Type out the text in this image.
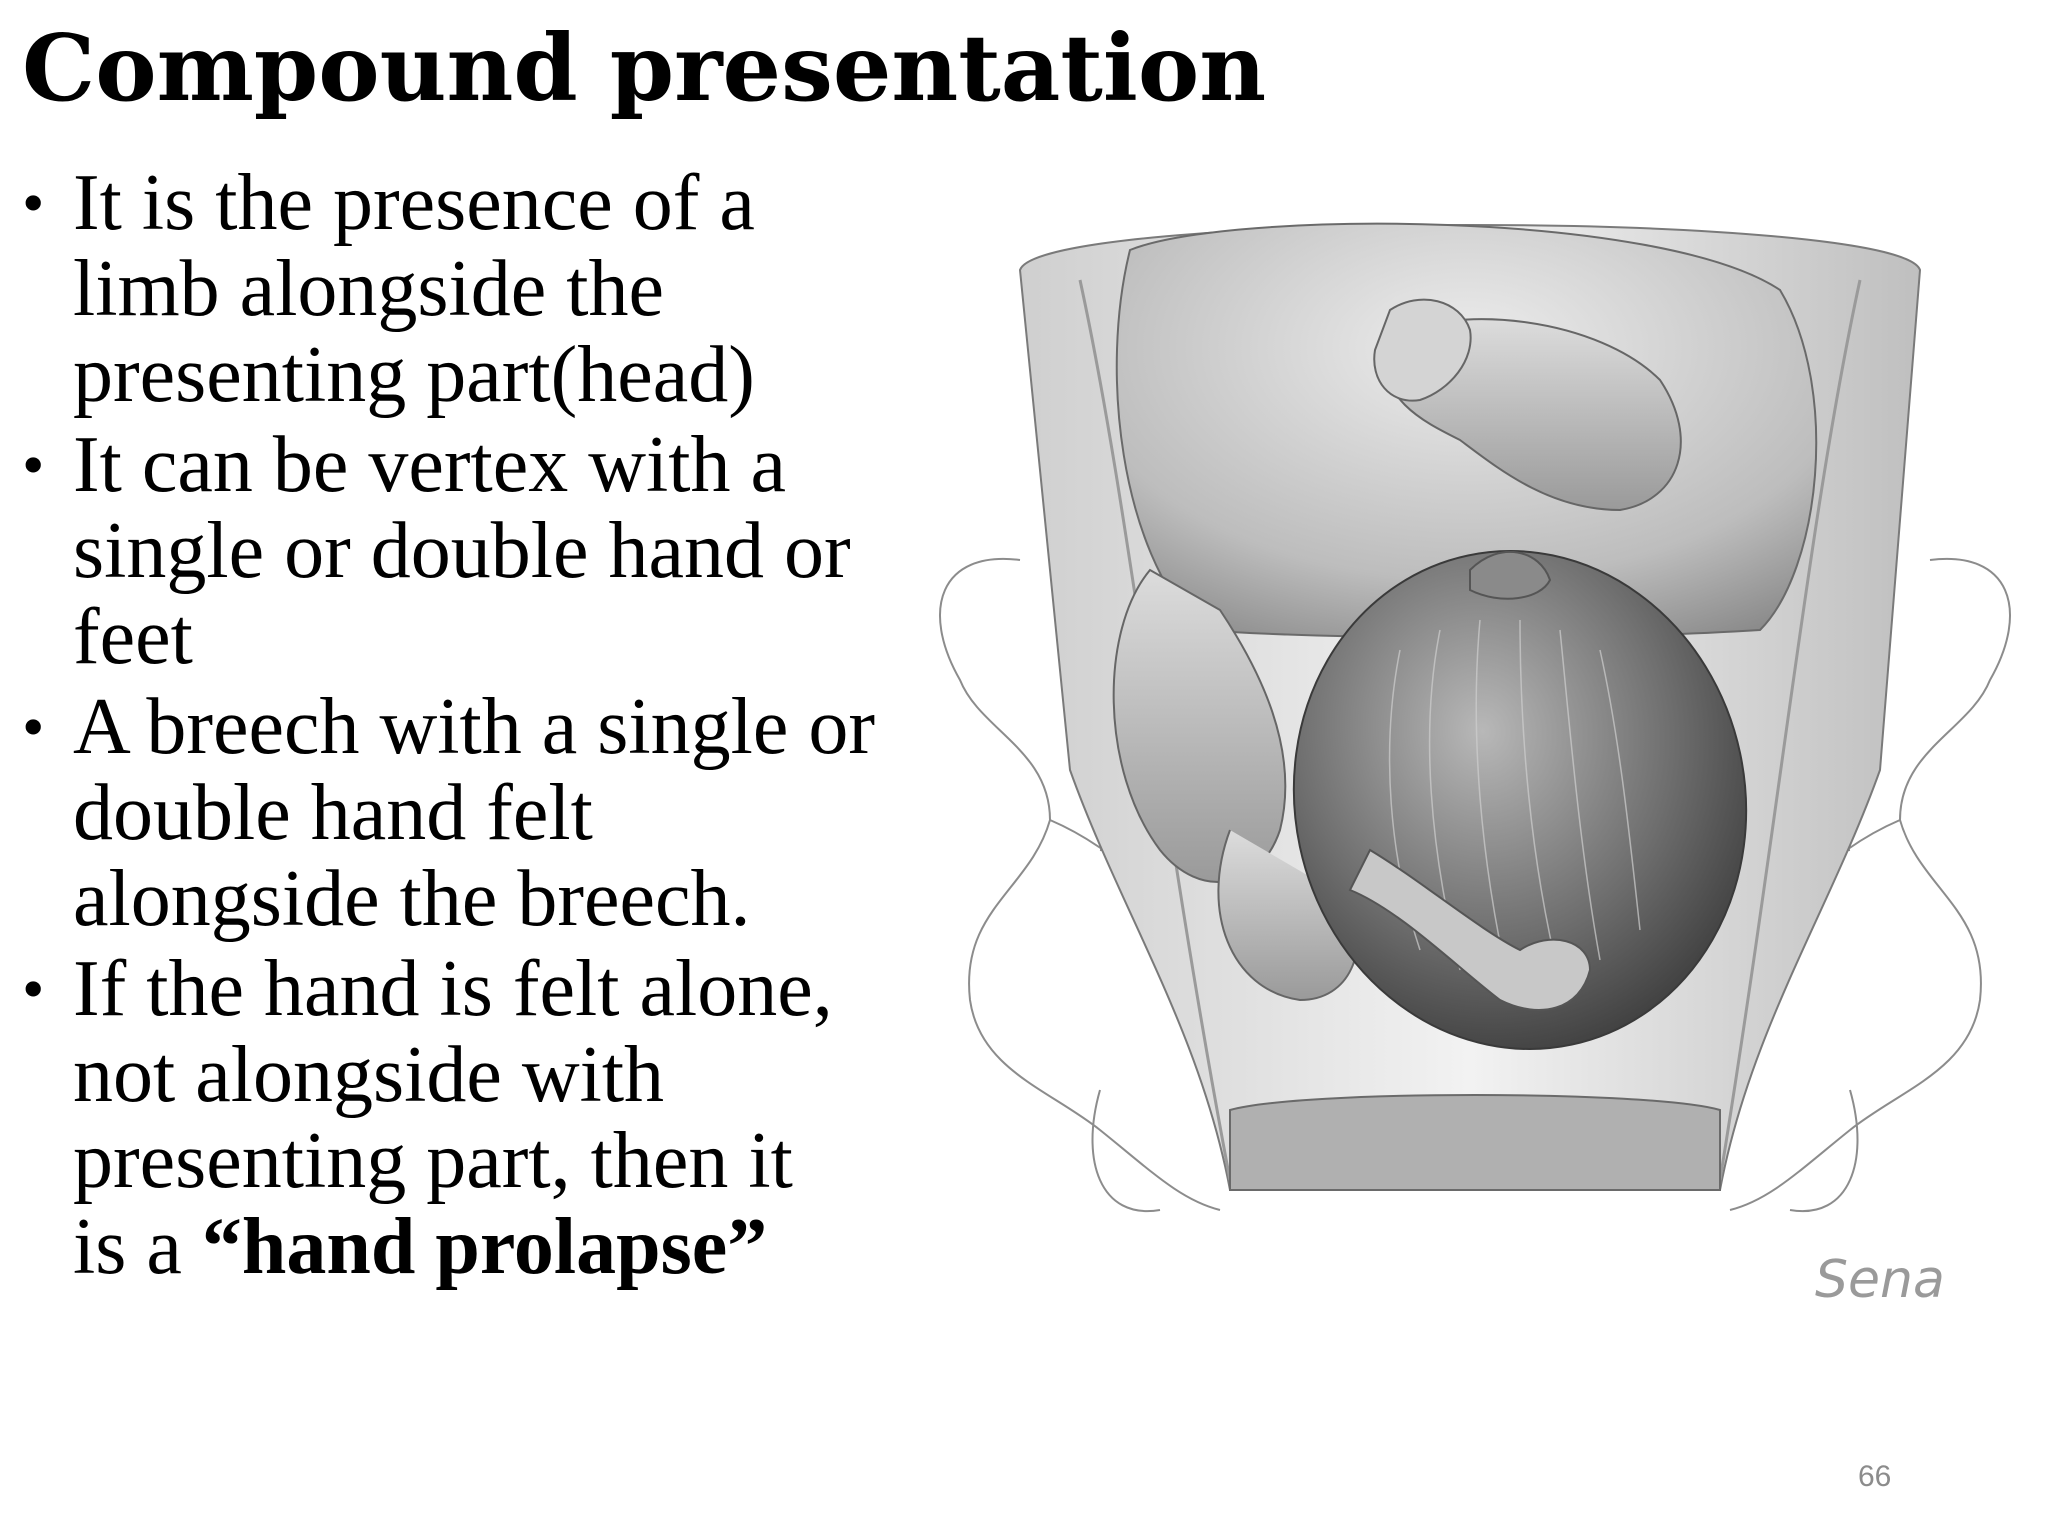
Compound presentation
• It is the presence of a
limb alongside the
presenting part(head)
• It can be vertex with a
single or double hand or
feet
• A breech with a single or
double hand felt
alongside the breech.
• If the hand is felt alone,
not alongside with
presenting part, then it
is a “hand prolapse”	Sena
66
